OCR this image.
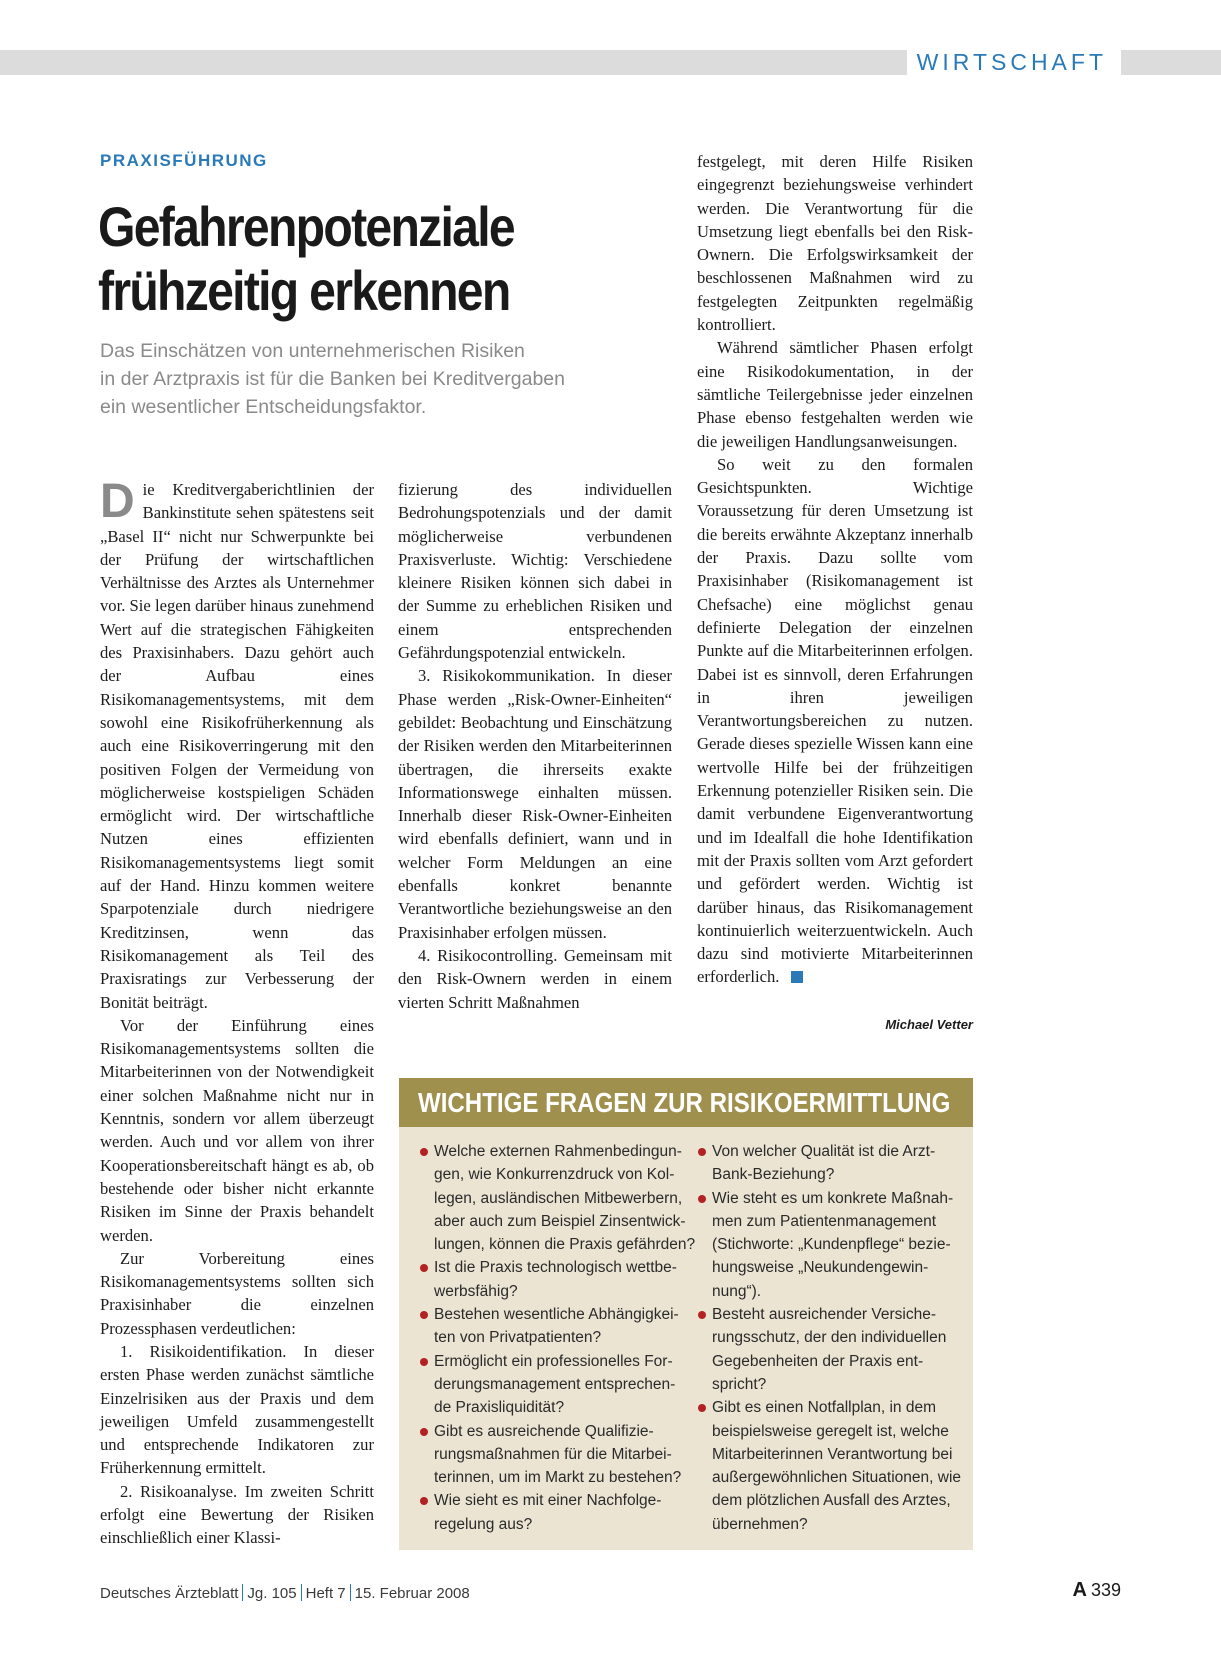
WIRTSCHAFT
PRAXISFÜHRUNG
Gefahrenpotenziale
frühzeitig erkennen
Das Einschätzen von unternehmerischen Risiken
in der Arztpraxis ist für die Banken bei Kreditvergaben
ein wesentlicher Entscheidungsfaktor.

Die Kreditvergaberichtlinien der Bankinstitute sehen spätestens seit „Basel II“ nicht nur Schwerpunkte bei der Prüfung der wirtschaftlichen Verhältnisse des Arztes als Unternehmer vor. Sie legen darüber hinaus zunehmend Wert auf die strategischen Fähigkeiten des Praxisinhabers. Dazu gehört auch der Aufbau eines Risikomanagementsystems, mit dem sowohl eine Risikofrüherkennung als auch eine Risikoverringerung mit den positiven Folgen der Vermeidung von möglicherweise kostspieligen Schäden ermöglicht wird. Der wirtschaftliche Nutzen eines effizienten Risikomanagementsystems liegt somit auf der Hand. Hinzu kommen weitere Sparpotenziale durch niedrigere Kreditzinsen, wenn das Risikomanagement als Teil des Praxisratings zur Verbesserung der Bonität beiträgt.

Vor der Einführung eines Risikomanagementsystems sollten die Mitarbeiterinnen von der Notwendigkeit einer solchen Maßnahme nicht nur in Kenntnis, sondern vor allem überzeugt werden. Auch und vor allem von ihrer Kooperationsbereitschaft hängt es ab, ob bestehende oder bisher nicht erkannte Risiken im Sinne der Praxis behandelt werden.

Zur Vorbereitung eines Risikomanagementsystems sollten sich Praxisinhaber die einzelnen Prozessphasen verdeutlichen:

1. Risikoidentifikation. In dieser ersten Phase werden zunächst sämtliche Einzelrisiken aus der Praxis und dem jeweiligen Umfeld zusammengestellt und entsprechende Indikatoren zur Früherkennung ermittelt.

2. Risikoanalyse. Im zweiten Schritt erfolgt eine Bewertung der Risiken einschließlich einer Klassi-

fizierung des individuellen Bedrohungspotenzials und der damit möglicherweise verbundenen Praxisverluste. Wichtig: Verschiedene kleinere Risiken können sich dabei in der Summe zu erheblichen Risiken und einem entsprechenden Gefährdungspotenzial entwickeln.

3. Risikokommunikation. In dieser Phase werden „Risk-Owner-Einheiten“ gebildet: Beobachtung und Einschätzung der Risiken werden den Mitarbeiterinnen übertragen, die ihrerseits exakte Informationswege einhalten müssen. Innerhalb dieser Risk-Owner-Einheiten wird ebenfalls definiert, wann und in welcher Form Meldungen an eine ebenfalls konkret benannte Verantwortliche beziehungsweise an den Praxisinhaber erfolgen müssen.

4. Risikocontrolling. Gemeinsam mit den Risk-Ownern werden in einem vierten Schritt Maßnahmen

festgelegt, mit deren Hilfe Risiken eingegrenzt beziehungsweise verhindert werden. Die Verantwortung für die Umsetzung liegt ebenfalls bei den Risk-Ownern. Die Erfolgswirksamkeit der beschlossenen Maßnahmen wird zu festgelegten Zeitpunkten regelmäßig kontrolliert.

Während sämtlicher Phasen erfolgt eine Risikodokumentation, in der sämtliche Teilergebnisse jeder einzelnen Phase ebenso festgehalten werden wie die jeweiligen Handlungsanweisungen.

So weit zu den formalen Gesichtspunkten. Wichtige Voraussetzung für deren Umsetzung ist die bereits erwähnte Akzeptanz innerhalb der Praxis. Dazu sollte vom Praxisinhaber (Risikomanagement ist Chefsache) eine möglichst genau definierte Delegation der einzelnen Punkte auf die Mitarbeiterinnen erfolgen. Dabei ist es sinnvoll, deren Erfahrungen in ihren jeweiligen Verantwortungsbereichen zu nutzen. Gerade dieses spezielle Wissen kann eine wertvolle Hilfe bei der frühzeitigen Erkennung potenzieller Risiken sein. Die damit verbundene Eigenverantwortung und im Idealfall die hohe Identifikation mit der Praxis sollten vom Arzt gefordert und gefördert werden. Wichtig ist darüber hinaus, das Risikomanagement kontinuierlich weiterzuentwickeln. Auch dazu sind motivierte Mitarbeiterinnen erforderlich.

Michael Vetter
WICHTIGE FRAGEN ZUR RISIKOERMITTLUNG
Welche externen Rahmenbedingun-
gen, wie Konkurrenzdruck von Kol-
legen, ausländischen Mitbewerbern,
aber auch zum Beispiel Zinsentwick-
lungen, können die Praxis gefährden?
Ist die Praxis technologisch wettbe-
werbsfähig?
Bestehen wesentliche Abhängigkei-
ten von Privatpatienten?
Ermöglicht ein professionelles For-
derungsmanagement entsprechen-
de Praxisliquidität?
Gibt es ausreichende Qualifizie-
rungsmaßnahmen für die Mitarbei-
terinnen, um im Markt zu bestehen?
Wie sieht es mit einer Nachfolge-
regelung aus?
Von welcher Qualität ist die Arzt-
Bank-Beziehung?
Wie steht es um konkrete Maßnah-
men zum Patientenmanagement
(Stichworte: „Kundenpflege“ bezie-
hungsweise „Neukundengewin-
nung“).
Besteht ausreichender Versiche-
rungsschutz, der den individuellen
Gegebenheiten der Praxis ent-
spricht?
Gibt es einen Notfallplan, in dem
beispielsweise geregelt ist, welche
Mitarbeiterinnen Verantwortung bei
außergewöhnlichen Situationen, wie
dem plötzlichen Ausfall des Arztes,
übernehmen?
Deutsches Ärzteblatt Jg. 105 Heft 7 15. Februar 2008	A 339
